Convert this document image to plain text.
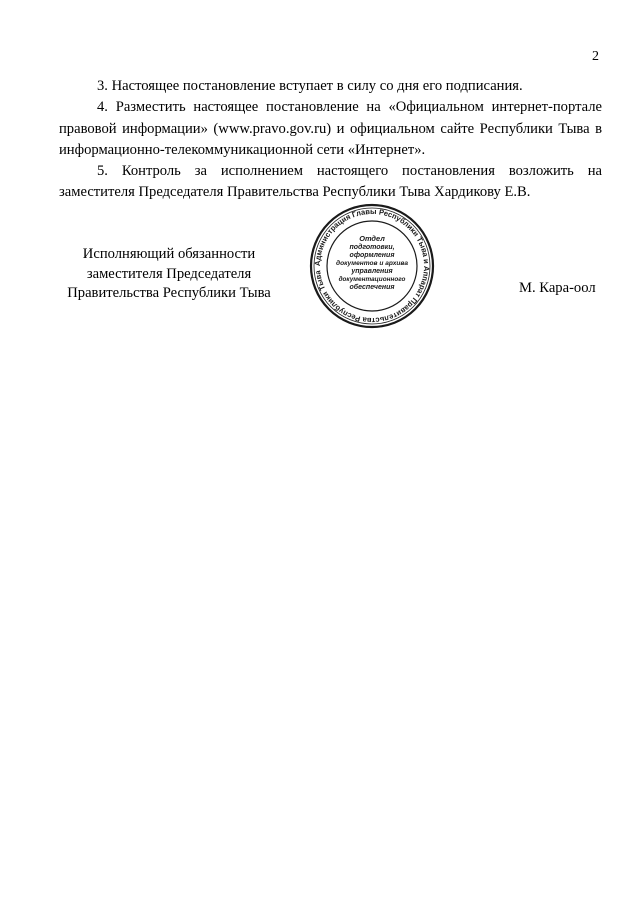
2

3. Настоящее постановление вступает в силу со дня его подписания.

4. Разместить настоящее постановление на «Официальном интернет-портале правовой информации» (www.pravo.gov.ru) и официальном сайте Республики Тыва в информационно-телекоммуникационной сети «Интернет».

5. Контроль за исполнением настоящего постановления возложить на заместителя Председателя Правительства Республики Тыва Хардикову Е.В.

Исполняющий обязанности
заместителя Председателя
Правительства Республики Тыва
Администрация Главы Республики Тыва и Аппарат Правительства Республики Тыва
Отдел
подготовки,
оформления
документов и архива
управления
документационного
обеспечения	М. Кара-оол
